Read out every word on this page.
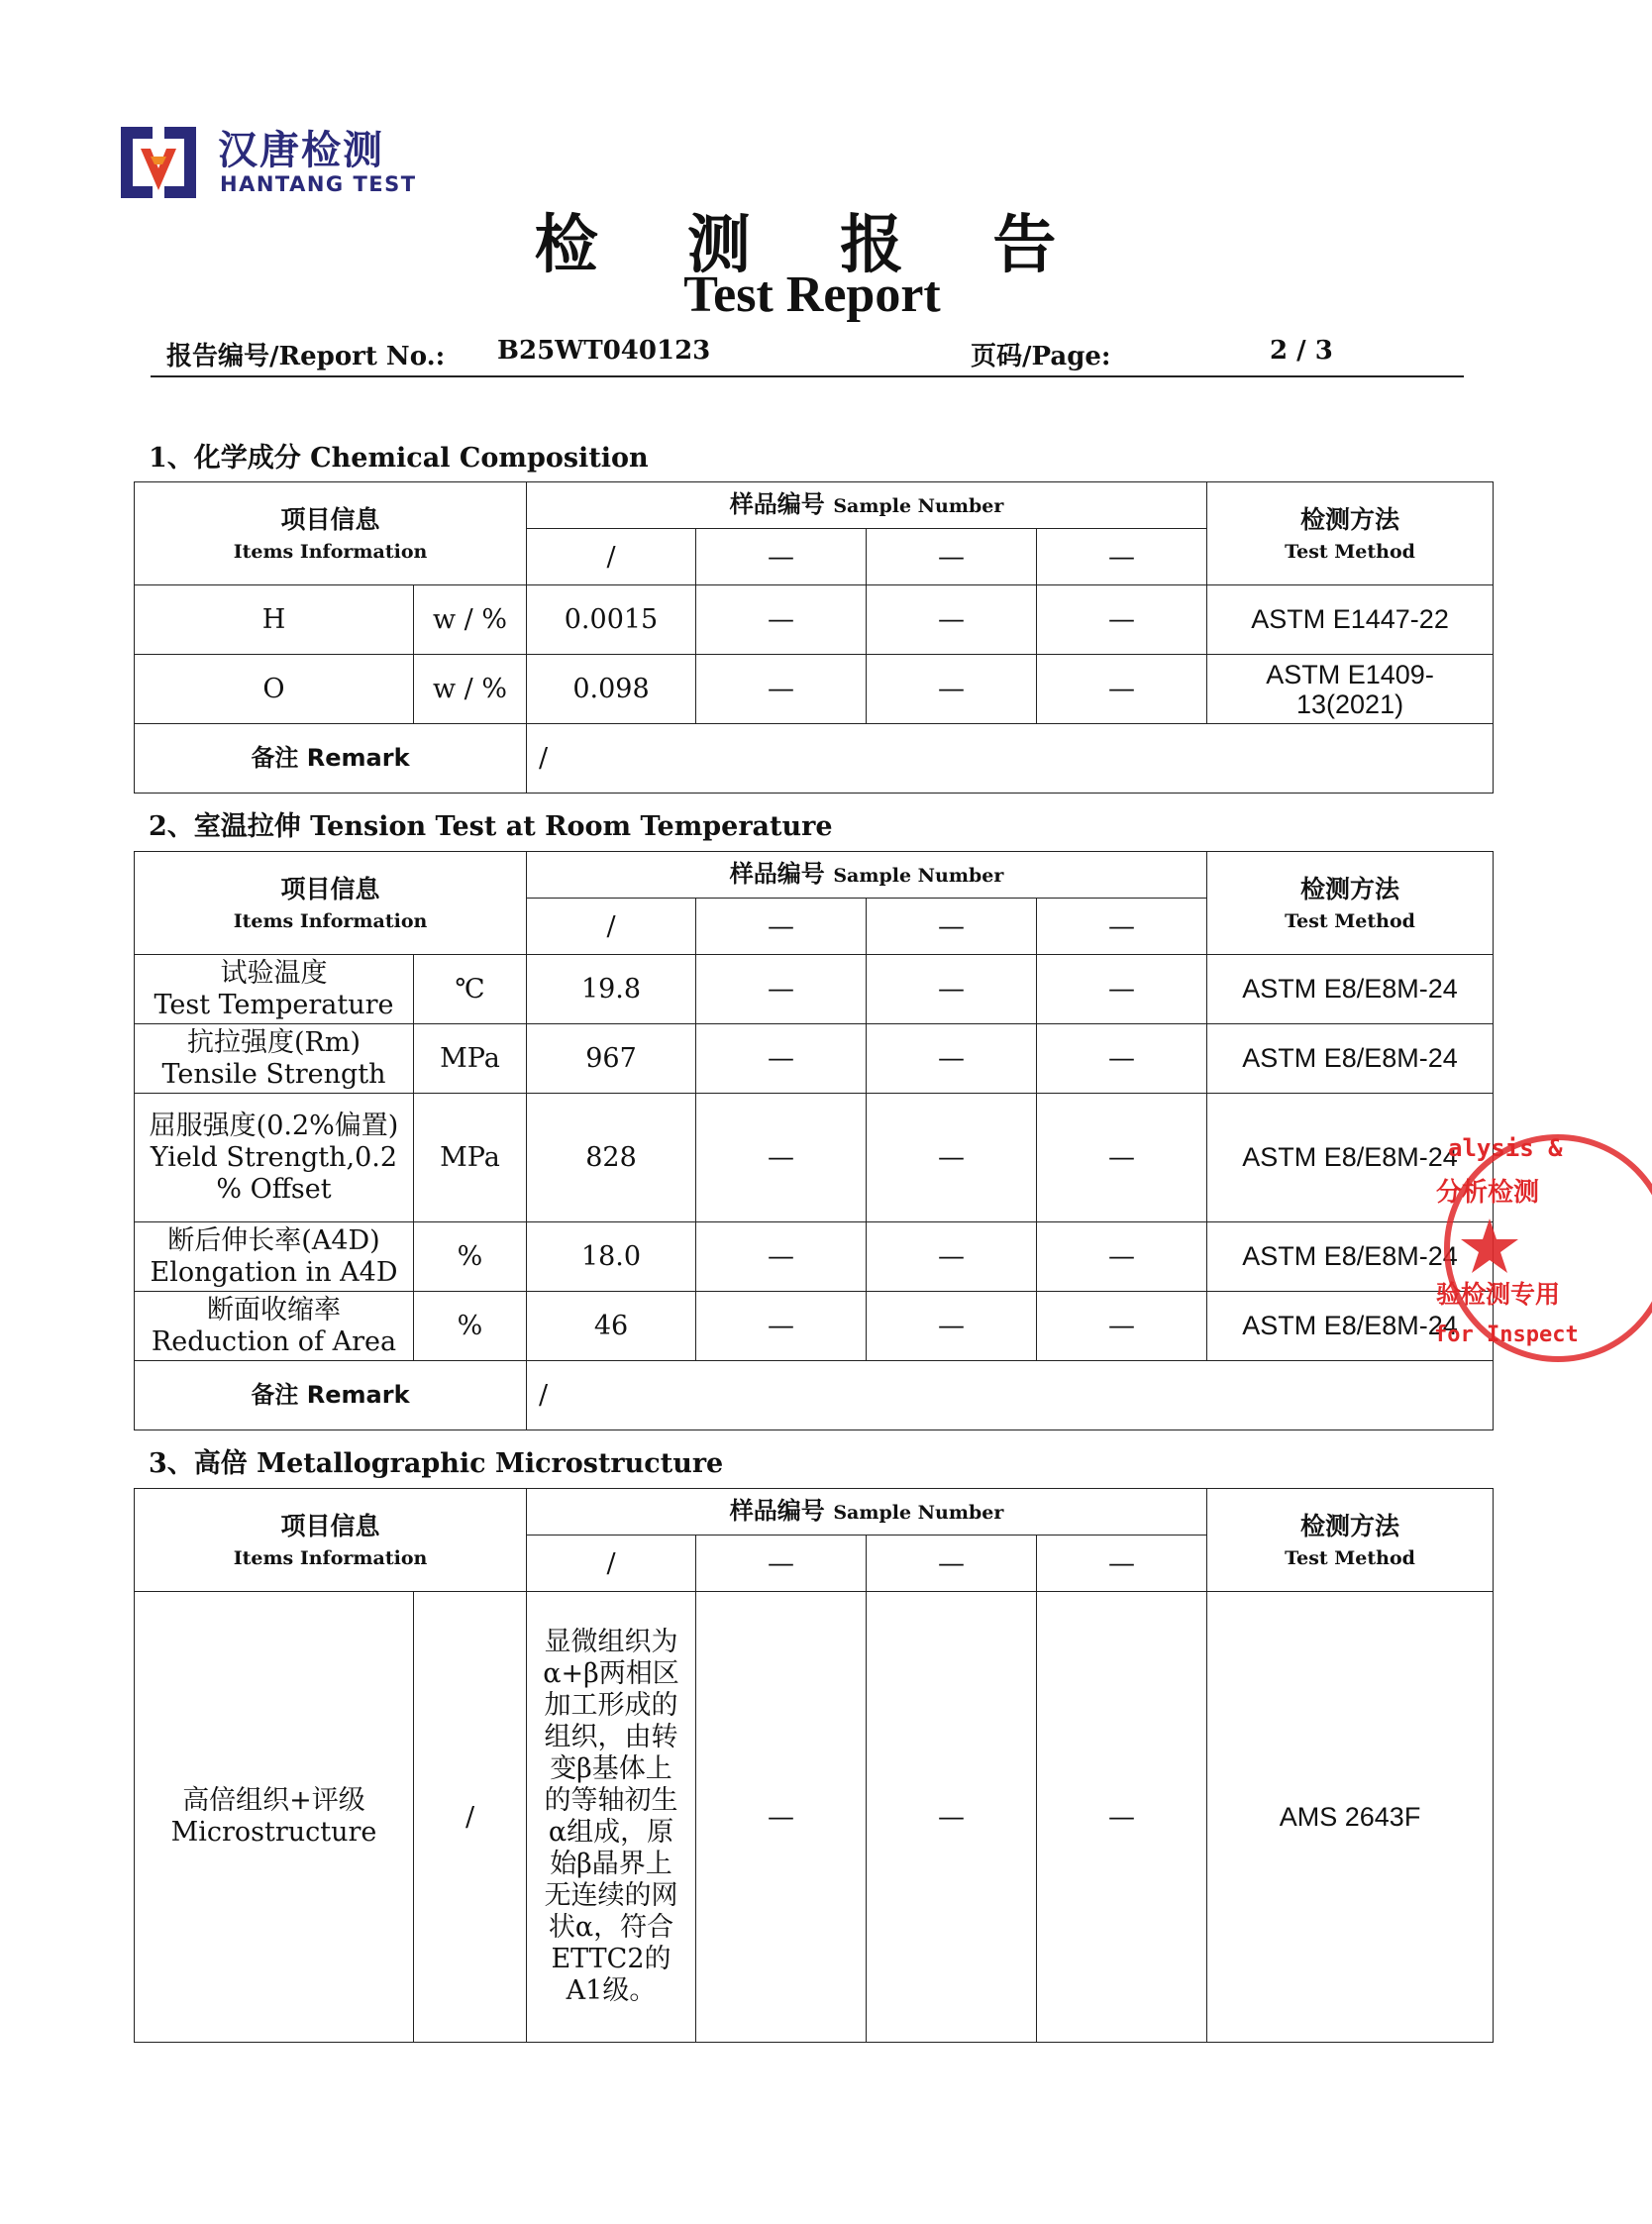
汉唐检测
HANTANG TEST
检 测 报 告
Test Report
报告编号/Report No.: B25WT040123	页码/Page:	2 / 3
1、化学成分 Chemical Composition
项目信息
Items Information		样品编号 Sample Number				检测方法
Test Method

		/	—	—	—	
H	w / %	0.0015	—	—	—	ASTM E1447-22
O	w / %	0.098	—	—	—	ASTM E1409-13(2021)
备注 Remark		/				
2、室温拉伸 Tension Test at Room Temperature
项目信息
Items Information		样品编号 Sample Number				检测方法
Test Method

		/	—	—	—	

试验温度
Test Temperature	℃	19.8	—	—	—	ASTM E8/E8M-24

抗拉强度(Rm)
Tensile Strength	MPa	967	—	—	—	ASTM E8/E8M-24

屈服强度(0.2%偏置)
Yield Strength,0.2 % Offset	MPa	828	—	—	—	ASTM E8/E8M-24

断后伸长率(A4D)
Elongation in A4D	%	18.0	—	—	—	ASTM E8/E8M-24

断面收缩率
Reduction of Area	%	46	—	—	—	ASTM E8/E8M-24
备注 Remark		/				
3、高倍 Metallographic Microstructure
项目信息
Items Information		样品编号 Sample Number				检测方法
Test Method

		/	—	—	—	

高倍组织+评级
Microstructure	/	显微组织为α+β两相区加工形成的组织，由转变β基体上的等轴初生α组成，原始β晶界上无连续的网状α，符合ETTC2的A1级。	—	—	—	AMS 2643F
alysis &
分析检测
验检测专用
for Inspect
